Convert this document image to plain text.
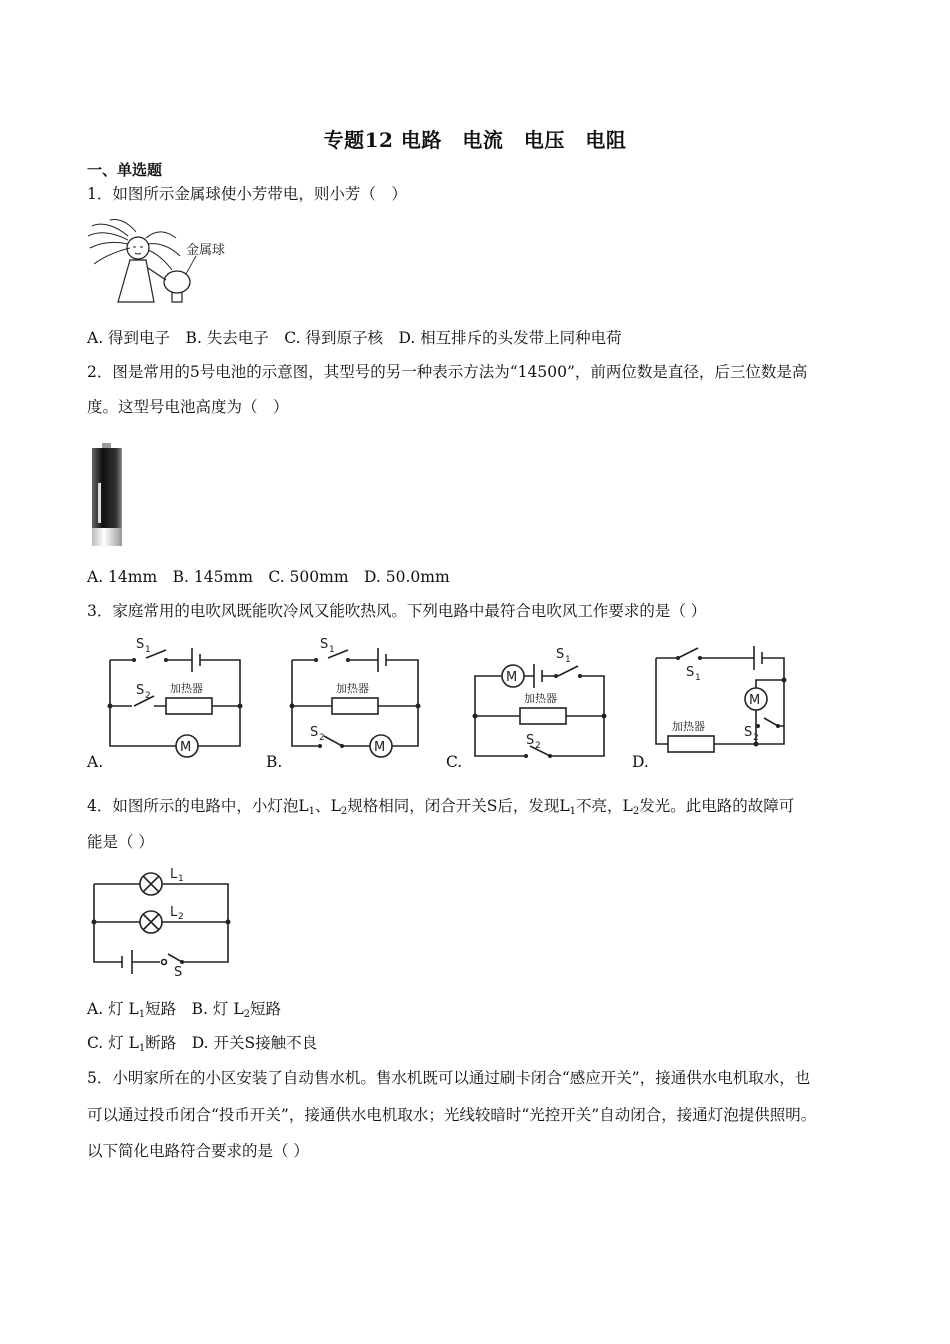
专题12 电路　电流　电压　电阻
一、单选题
1．如图所示金属球使小芳带电，则小芳（　）
金属球
A. 得到电子　B. 失去电子　C. 得到原子核　D. 相互排斥的头发带上同种电荷
2．图是常用的5号电池的示意图，其型号的另一种表示方法为“14500”，前两位数是直径，后三位数是高
度。这型号电池高度为（　）
A. 14mm　B. 145mm　C. 500mm　D. 50.0mm
3．家庭常用的电吹风既能吹冷风又能吹热风。下列电路中最符合电吹风工作要求的是（ ）
M
加热器
S 1
S 2
A.
M
加热器
S 1
S 2
B.
M
加热器
S 1
S 2
C.
M
加热器
S 1
S 2
D.
4．如图所示的电路中，小灯泡$L_1$、$L_2$规格相同，闭合开关S后，发现$L_1$不亮，$L_2$发光。此电路的故障可
能是（ ）
L 1
L 2
S
A. 灯 $L_1$短路　B. 灯 $L_2$短路
C. 灯 $L_1$断路　D. 开关S接触不良
5．小明家所在的小区安装了自动售水机。售水机既可以通过刷卡闭合“感应开关”，接通供水电机取水，也
可以通过投币闭合“投币开关”，接通供水电机取水；光线较暗时“光控开关”自动闭合，接通灯泡提供照明。
以下简化电路符合要求的是（ ）
